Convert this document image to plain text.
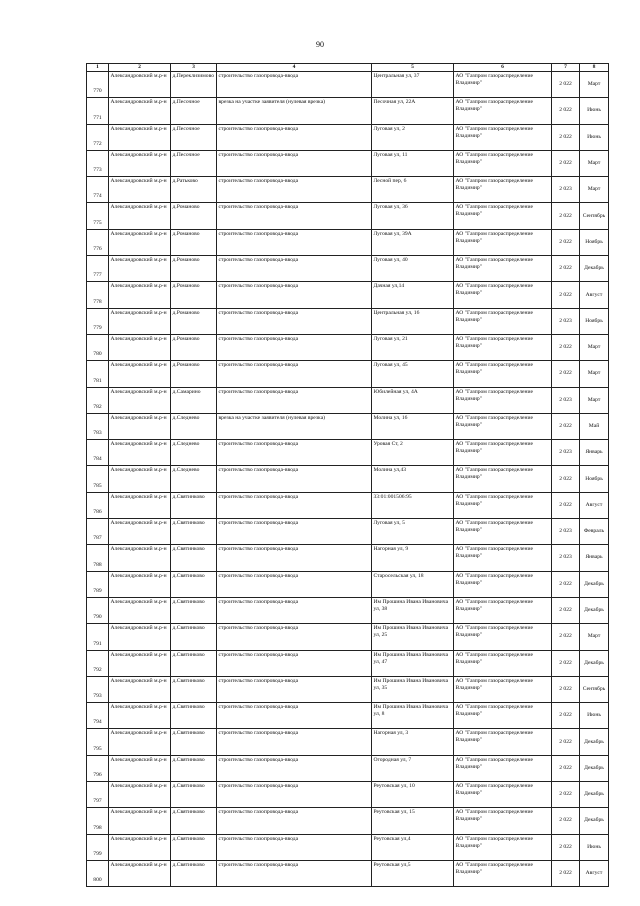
90
1	2	3	4	5	6	7	8
770	Александровский м.р-н	д.Переклизимово	строительство газопровода-ввода	Центральная ул, 37	АО "Газпром газораспределение Владимир"	2 022	Март
771	Александровский м.р-н	д.Песочное	врезка на участке заявителя (нулевая врезка)	Песочная ул, 22А	АО "Газпром газораспределение Владимир"	2 022	Июнь
772	Александровский м.р-н	д.Песочное	строительство газопровода-ввода	Луговая ул, 2	АО "Газпром газораспределение Владимир"	2 022	Июнь
773	Александровский м.р-н	д.Песочное	строительство газопровода-ввода	Луговая ул, 11	АО "Газпром газораспределение Владимир"	2 022	Март
774	Александровский м.р-н	д.Ратьково	строительство газопровода-ввода	Лесной пер, 6	АО "Газпром газораспределение Владимир"	2 023	Март
775	Александровский м.р-н	д.Романово	строительство газопровода-ввода	Луговая ул, 36	АО "Газпром газораспределение Владимир"	2 022	Сентябрь
776	Александровский м.р-н	д.Романово	строительство газопровода-ввода	Луговая ул, 39А	АО "Газпром газораспределение Владимир"	2 022	Ноябрь
777	Александровский м.р-н	д.Романово	строительство газопровода-ввода	Луговая ул, 40	АО "Газпром газораспределение Владимир"	2 022	Декабрь
778	Александровский м.р-н	д.Романово	строительство газопровода-ввода	Дачная ул,14	АО "Газпром газораспределение Владимир"	2 022	Август
779	Александровский м.р-н	д.Романово	строительство газопровода-ввода	Центральная ул, 16	АО "Газпром газораспределение Владимир"	2 023	Ноябрь
780	Александровский м.р-н	д.Романово	строительство газопровода-ввода	Луговая ул, 21	АО "Газпром газораспределение Владимир"	2 022	Март
781	Александровский м.р-н	д.Романово	строительство газопровода-ввода	Луговая ул, 45	АО "Газпром газораспределение Владимир"	2 022	Март
782	Александровский м.р-н	д.Самарино	строительство газопровода-ввода	Юбилейная ул, 4А	АО "Газпром газораспределение Владимир"	2 023	Март
783	Александровский м.р-н	д.Следнево	врезка на участке заявителя (нулевая врезка)	Молина ул, 16	АО "Газпром газораспределение Владимир"	2 022	Май
784	Александровский м.р-н	д.Следнево	строительство газопровода-ввода	Уровая Ст, 2	АО "Газпром газораспределение Владимир"	2 023	Январь
785	Александровский м.р-н	д.Следнево	строительство газопровода-ввода	Молина ул,43	АО "Газпром газораспределение Владимир"	2 022	Ноябрь
786	Александровский м.р-н	д.Святинково	строительство газопровода-ввода	33:01:001506:95	АО "Газпром газораспределение Владимир"	2 022	Август
787	Александровский м.р-н	д.Святинково	строительство газопровода-ввода	Луговая ул, 5	АО "Газпром газораспределение Владимир"	2 023	Февраль
788	Александровский м.р-н	д.Святинково	строительство газопровода-ввода	Нагорная ул, 9	АО "Газпром газораспределение Владимир"	2 023	Январь
789	Александровский м.р-н	д.Святинково	строительство газопровода-ввода	Старосельская ул, 18	АО "Газпром газораспределение Владимир"	2 022	Декабрь
790	Александровский м.р-н	д.Святинково	строительство газопровода-ввода	Им Прошина Ивана Ивановича ул, 38	АО "Газпром газораспределение Владимир"	2 022	Декабрь
791	Александровский м.р-н	д.Святинково	строительство газопровода-ввода	Им Прошина Ивана Ивановича ул, 25	АО "Газпром газораспределение Владимир"	2 022	Март
792	Александровский м.р-н	д.Святинково	строительство газопровода-ввода	Им Прошина Ивана Ивановича ул, 47	АО "Газпром газораспределение Владимир"	2 022	Декабрь
793	Александровский м.р-н	д.Святинково	строительство газопровода-ввода	Им Прошина Ивана Ивановича ул, 35	АО "Газпром газораспределение Владимир"	2 022	Сентябрь
794	Александровский м.р-н	д.Святинково	строительство газопровода-ввода	Им Прошина Ивана Ивановича ул, 8	АО "Газпром газораспределение Владимир"	2 022	Июнь
795	Александровский м.р-н	д.Святинково	строительство газопровода-ввода	Нагорная ул, 3	АО "Газпром газораспределение Владимир"	2 022	Декабрь
796	Александровский м.р-н	д.Святинково	строительство газопровода-ввода	Огородная ул, 7	АО "Газпром газораспределение Владимир"	2 022	Декабрь
797	Александровский м.р-н	д.Святинково	строительство газопровода-ввода	Реутовская ул, 10	АО "Газпром газораспределение Владимир"	2 022	Декабрь
798	Александровский м.р-н	д.Святинково	строительство газопровода-ввода	Реутовская ул, 15	АО "Газпром газораспределение Владимир"	2 022	Декабрь
799	Александровский м.р-н	д.Святинково	строительство газопровода-ввода	Реутовская ул,4	АО "Газпром газораспределение Владимир"	2 022	Июнь
800	Александровский м.р-н	д.Святинково	строительство газопровода-ввода	Реутовская ул,5	АО "Газпром газораспределение Владимир"	2 022	Август
